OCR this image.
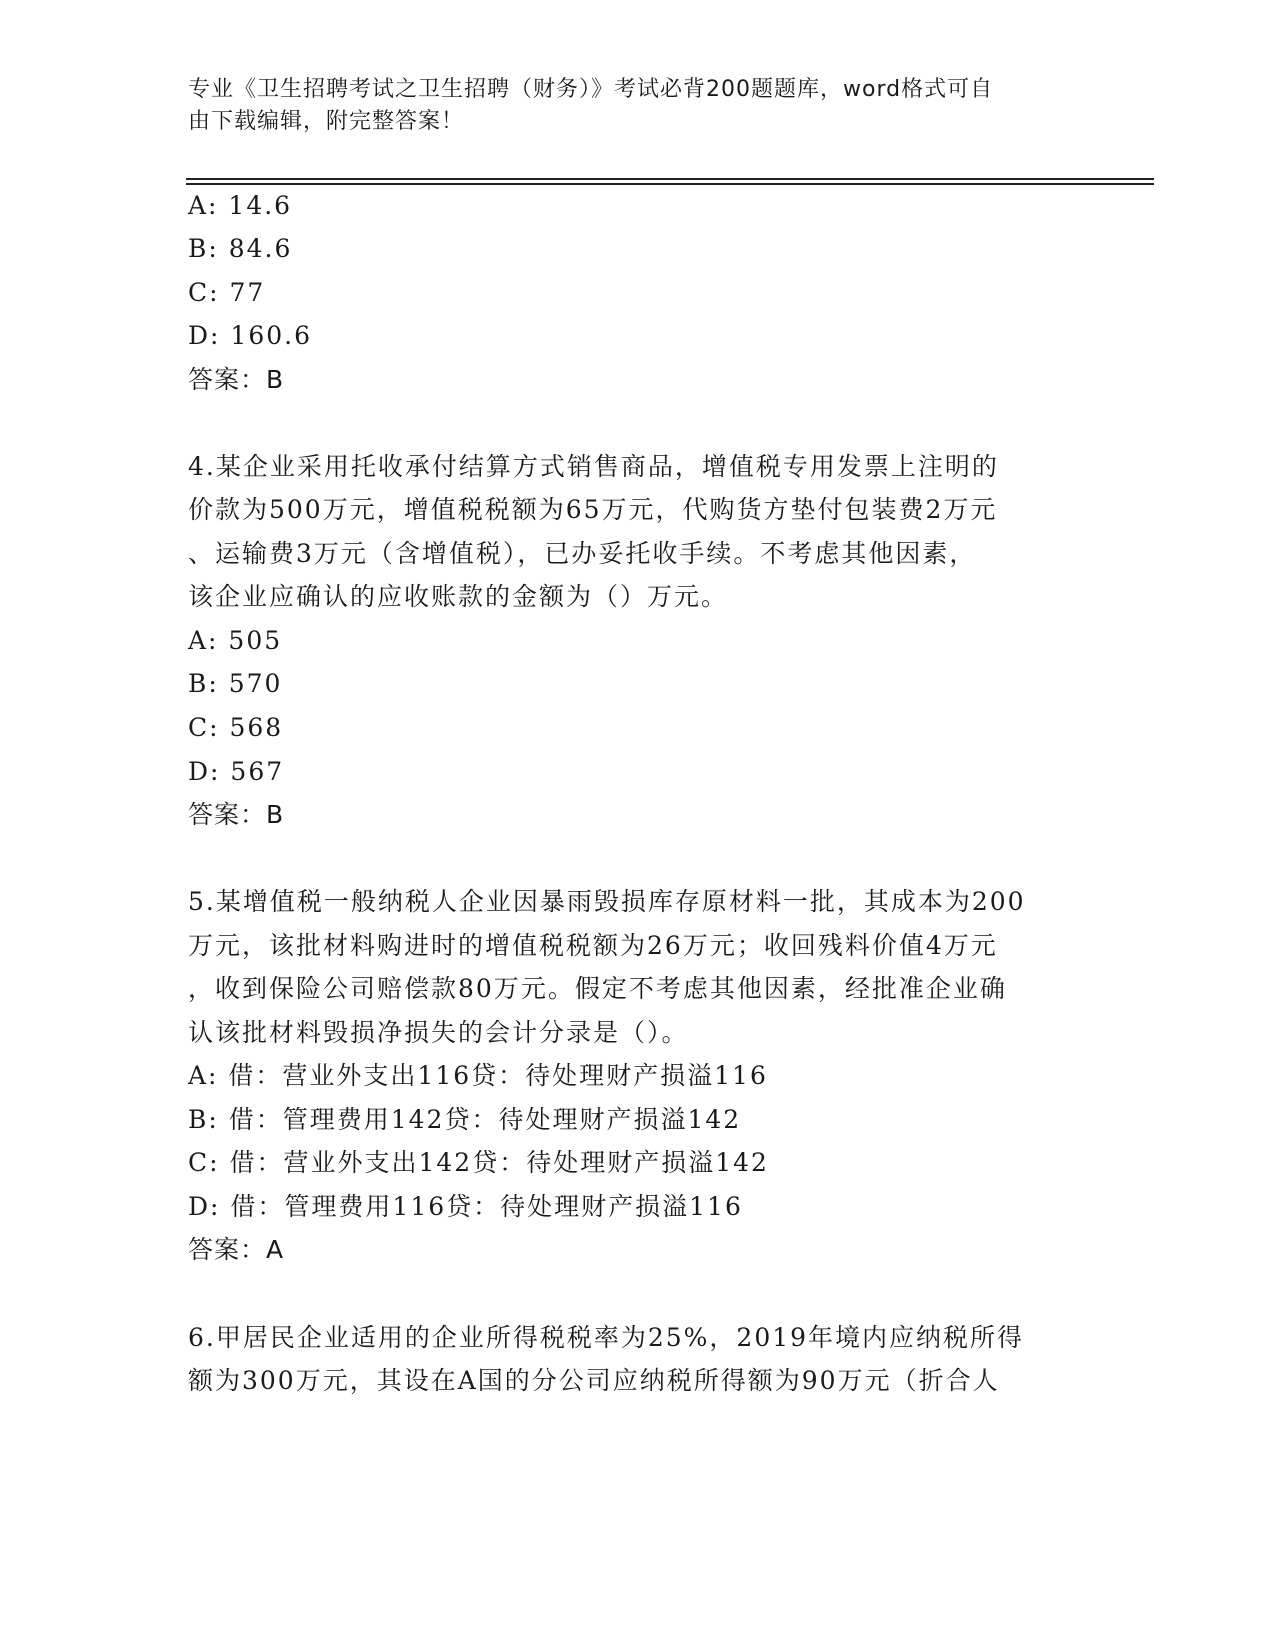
专业《卫生招聘考试之卫生招聘（财务）》考试必背200题题库，word格式可自
由下载编辑，附完整答案！
A: 14.6
B: 84.6
C: 77
D: 160.6
答案：B
4.某企业采用托收承付结算方式销售商品，增值税专用发票上注明的
价款为500万元，增值税税额为65万元，代购货方垫付包装费2万元
、运输费3万元（含增值税），已办妥托收手续。不考虑其他因素，
该企业应确认的应收账款的金额为（）万元。
A: 505
B: 570
C: 568
D: 567
答案：B
5.某增值税一般纳税人企业因暴雨毁损库存原材料一批，其成本为200
万元，该批材料购进时的增值税税额为26万元；收回残料价值4万元
，收到保险公司赔偿款80万元。假定不考虑其他因素，经批准企业确
认该批材料毁损净损失的会计分录是（）。
A: 借：营业外支出116贷：待处理财产损溢116
B: 借：管理费用142贷：待处理财产损溢142
C: 借：营业外支出142贷：待处理财产损溢142
D: 借：管理费用116贷：待处理财产损溢116
答案：A
6.甲居民企业适用的企业所得税税率为25%，2019年境内应纳税所得
额为300万元，其设在A国的分公司应纳税所得额为90万元（折合人
